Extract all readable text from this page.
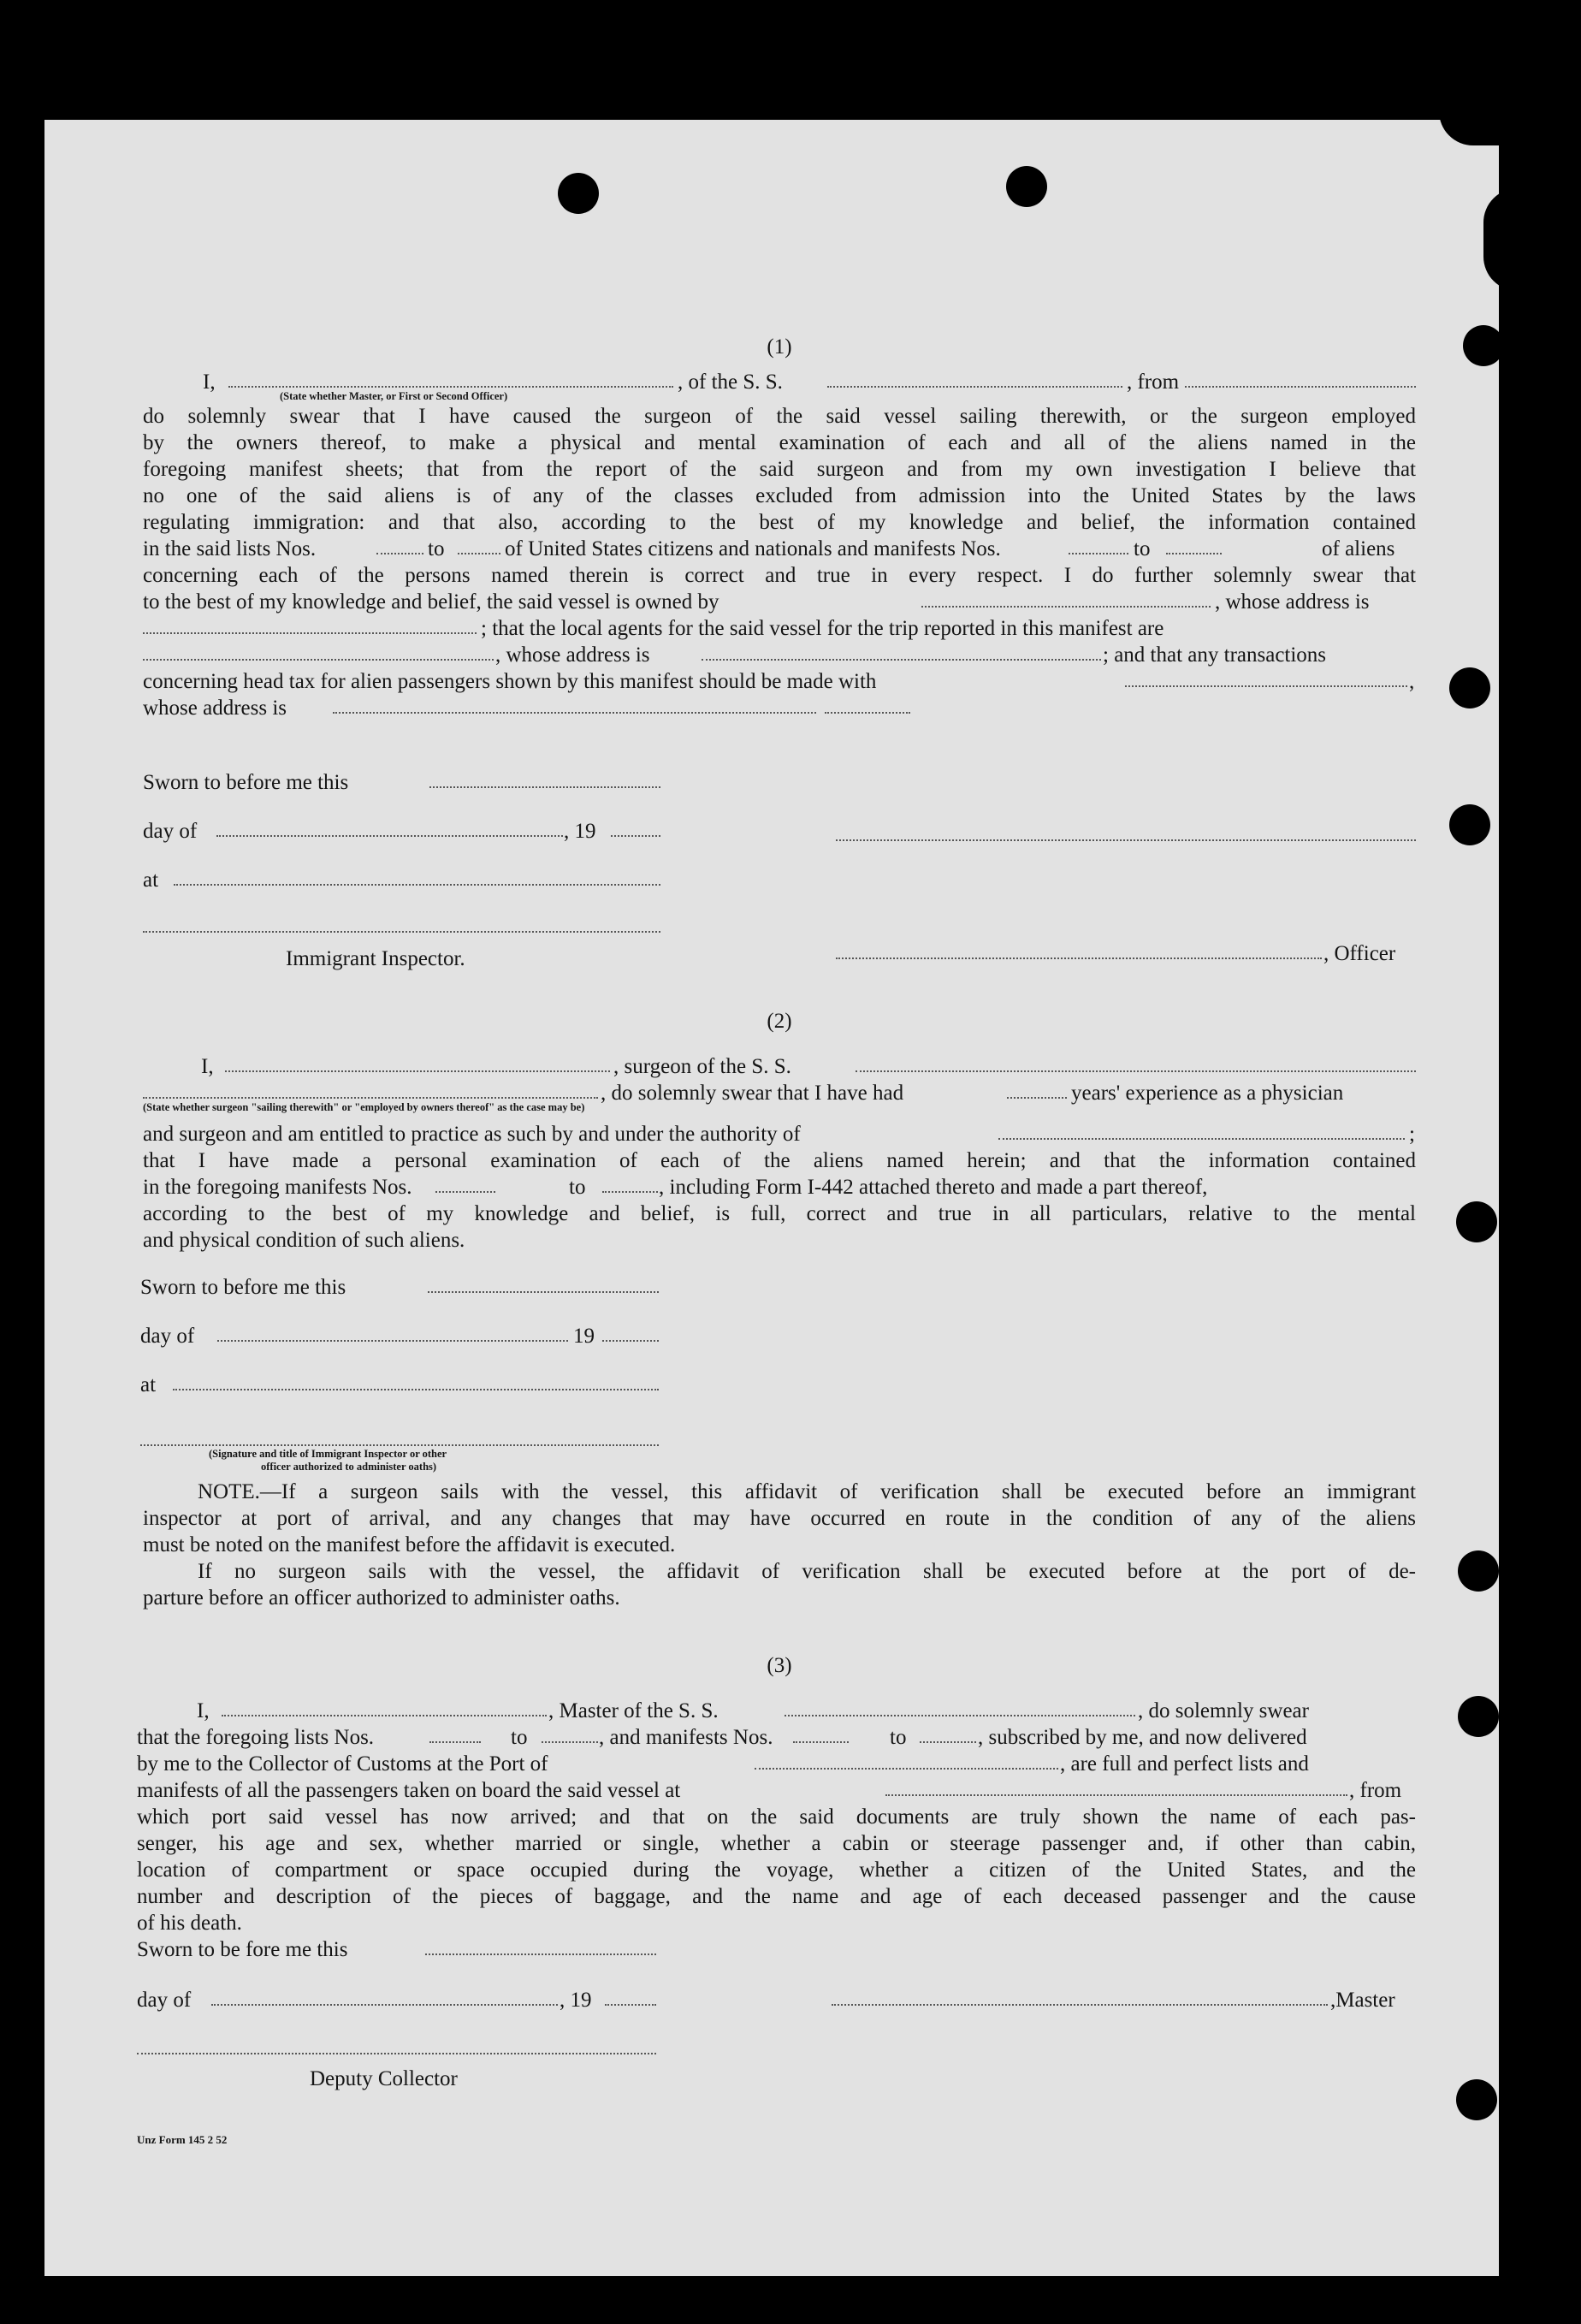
(1)

I,	, of the S. S.	, from
(State whether Master, or First or Second Officer)
do solemnly swear that I have caused the surgeon of the said vessel sailing therewith, or the surgeon employed
by the owners thereof, to make a physical and mental examination of each and all of the aliens named in the
foregoing manifest sheets; that from the report of the said surgeon and from my own investigation I believe that
no one of the said aliens is of any of the classes excluded from admission into the United States by the laws
regulating immigration: and that also, according to the best of my knowledge and belief, the information contained
in the said lists Nos.	to	of United States citizens and nationals and manifests Nos.	to	of aliens
concerning each of the persons named therein is correct and true in every respect. I do further solemnly swear that
to the best of my knowledge and belief, the said vessel is owned by	, whose address is
; that the local agents for the said vessel for the trip reported in this manifest are
, whose address is	; and that any transactions
concerning head tax for alien passengers shown by this manifest should be made with	,
whose address is
Sworn to before me this
day of	, 19
at
Immigrant Inspector.	, Officer

(2)

I,	, surgeon of the S. S.
, do solemnly swear that I have had	years' experience as a physician
(State whether surgeon "sailing therewith" or "employed by owners thereof" as the case may be)
and surgeon and am entitled to practice as such by and under the authority of	;
that I have made a personal examination of each of the aliens named herein; and that the information contained
in the foregoing manifests Nos.	to	, including Form I-442 attached thereto and made a part thereof,
according to the best of my knowledge and belief, is full, correct and true in all particulars, relative to the mental
and physical condition of such aliens.
Sworn to before me this
day of	19
at
(Signature and title of Immigrant Inspector or other
officer authorized to administer oaths)
NOTE.—If a surgeon sails with the vessel, this affidavit of verification shall be executed before an immigrant
inspector at port of arrival, and any changes that may have occurred en route in the condition of any of the aliens
must be noted on the manifest before the affidavit is executed.
If no surgeon sails with the vessel, the affidavit of verification shall be executed before at the port of de-
parture before an officer authorized to administer oaths.

(3)

I,	, Master of the S. S.	, do solemnly swear
that the foregoing lists Nos.	to	, and manifests Nos.	to	, subscribed by me, and now delivered
by me to the Collector of Customs at the Port of	, are full and perfect lists and
manifests of all the passengers taken on board the said vessel at	, from
which port said vessel has now arrived; and that on the said documents are truly shown the name of each pas-
senger, his age and sex, whether married or single, whether a cabin or steerage passenger and, if other than cabin,
location of compartment or space occupied during the voyage, whether a citizen of the United States, and the
number and description of the pieces of baggage, and the name and age of each deceased passenger and the cause
of his death.
Sworn to be fore me this
day of	, 19	,Master
Deputy Collector
Unz Form 145 2 52
